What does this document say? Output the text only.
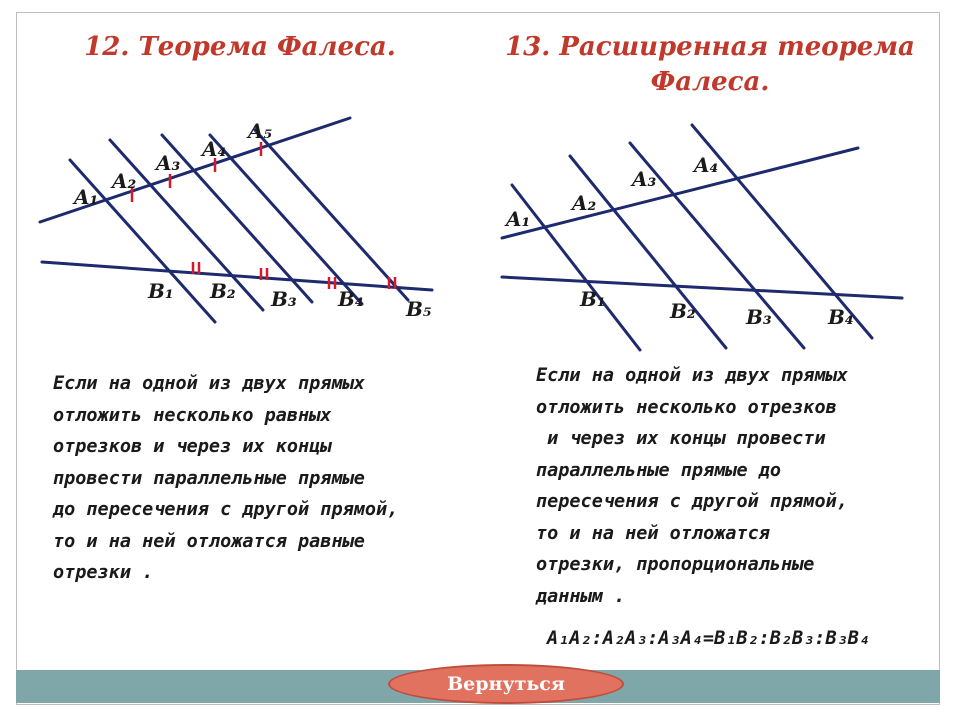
12. Теорема Фалеса.	13. Расширенная теорема Фалеса.
A₁
A₂
A₃
A₄
A₅
B₁ B₂ B₃ B₄ B₅
A₁
A₂
A₃
A₄
B₁	B₂	B₃	B₄

Если на одной из двух прямых
отложить несколько равных
отрезков и через их концы
провести параллельные прямые
до пересечения с другой прямой,
то и на ней отложатся равные
отрезки .

Если на одной из двух прямых
отложить несколько отрезков
и через их концы провести
параллельные прямые до
пересечения с другой прямой,
то и на ней отложатся
отрезки, пропорциональные
данным .

A₁A₂:A₂A₃:A₃A₄=B₁B₂:B₂B₃:B₃B₄
Вернуться
